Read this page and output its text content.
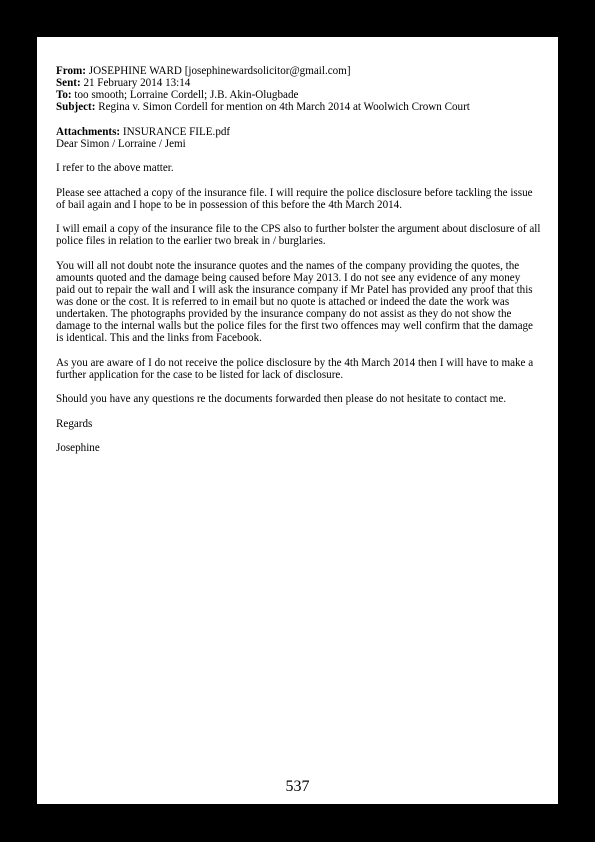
From: JOSEPHINE WARD [josephinewardsolicitor@gmail.com]
Sent: 21 February 2014 13:14
To: too smooth; Lorraine Cordell; J.B. Akin-Olugbade
Subject: Regina v. Simon Cordell for mention on 4th March 2014 at Woolwich Crown Court
Attachments: INSURANCE FILE.pdf

Dear Simon / Lorraine / Jemi

I refer to the above matter.

Please see attached a copy of the insurance file. I will require the police disclosure before tackling the issue of bail again and I hope to be in possession of this before the 4th March 2014.

I will email a copy of the insurance file to the CPS also to further bolster the argument about disclosure of all police files in relation to the earlier two break in / burglaries.

You will all not doubt note the insurance quotes and the names of the company providing the quotes, the amounts quoted and the damage being caused before May 2013. I do not see any evidence of any money paid out to repair the wall and I will ask the insurance company if Mr Patel has provided any proof that this was done or the cost. It is referred to in email but no quote is attached or indeed the date the work was undertaken. The photographs provided by the insurance company do not assist as they do not show the damage to the internal walls but the police files for the first two offences may well confirm that the damage is identical. This and the links from Facebook.

As you are aware of I do not receive the police disclosure by the 4th March 2014 then I will have to make a further application for the case to be listed for lack of disclosure.

Should you have any questions re the documents forwarded then please do not hesitate to contact me.

Regards

Josephine

537
